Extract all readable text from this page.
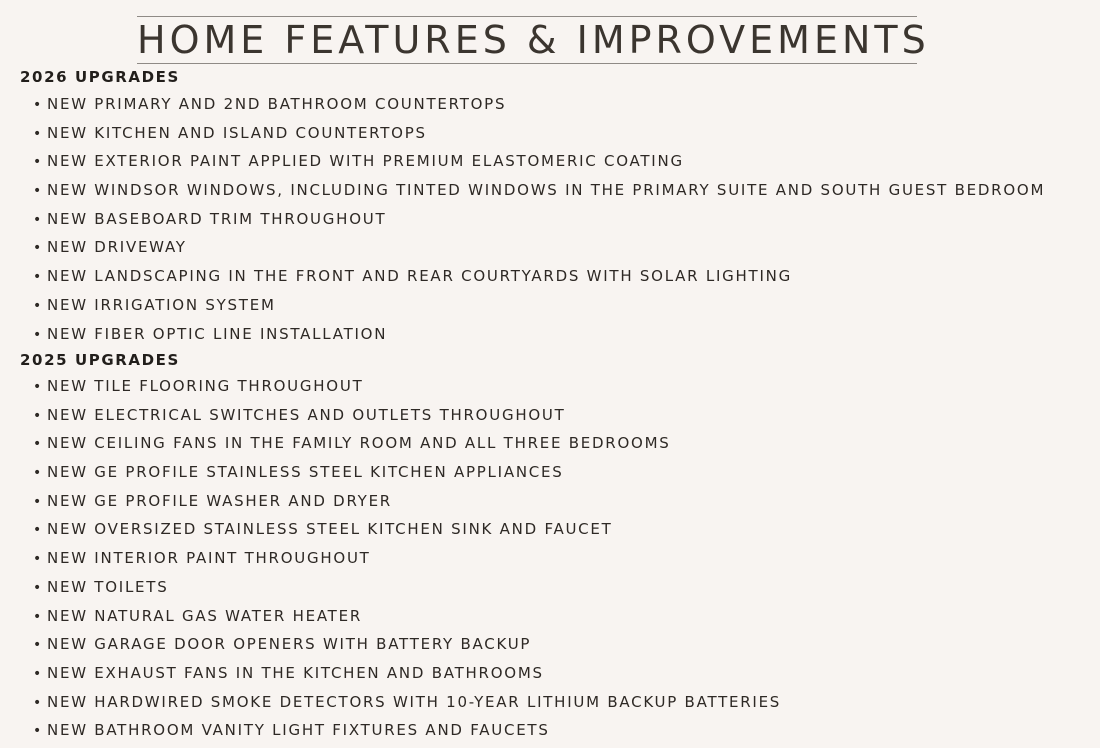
HOME FEATURES & IMPROVEMENTS
2026 UPGRADES
• NEW PRIMARY AND 2ND BATHROOM COUNTERTOPS
• NEW KITCHEN AND ISLAND COUNTERTOPS
• NEW EXTERIOR PAINT APPLIED WITH PREMIUM ELASTOMERIC COATING
• NEW WINDSOR WINDOWS, INCLUDING TINTED WINDOWS IN THE PRIMARY SUITE AND SOUTH GUEST BEDROOM
• NEW BASEBOARD TRIM THROUGHOUT
• NEW DRIVEWAY
• NEW LANDSCAPING IN THE FRONT AND REAR COURTYARDS WITH SOLAR LIGHTING
• NEW IRRIGATION SYSTEM
• NEW FIBER OPTIC LINE INSTALLATION
2025 UPGRADES
• NEW TILE FLOORING THROUGHOUT
• NEW ELECTRICAL SWITCHES AND OUTLETS THROUGHOUT
• NEW CEILING FANS IN THE FAMILY ROOM AND ALL THREE BEDROOMS
• NEW GE PROFILE STAINLESS STEEL KITCHEN APPLIANCES
• NEW GE PROFILE WASHER AND DRYER
• NEW OVERSIZED STAINLESS STEEL KITCHEN SINK AND FAUCET
• NEW INTERIOR PAINT THROUGHOUT
• NEW TOILETS
• NEW NATURAL GAS WATER HEATER
• NEW GARAGE DOOR OPENERS WITH BATTERY BACKUP
• NEW EXHAUST FANS IN THE KITCHEN AND BATHROOMS
• NEW HARDWIRED SMOKE DETECTORS WITH 10-YEAR LITHIUM BACKUP BATTERIES
• NEW BATHROOM VANITY LIGHT FIXTURES AND FAUCETS
